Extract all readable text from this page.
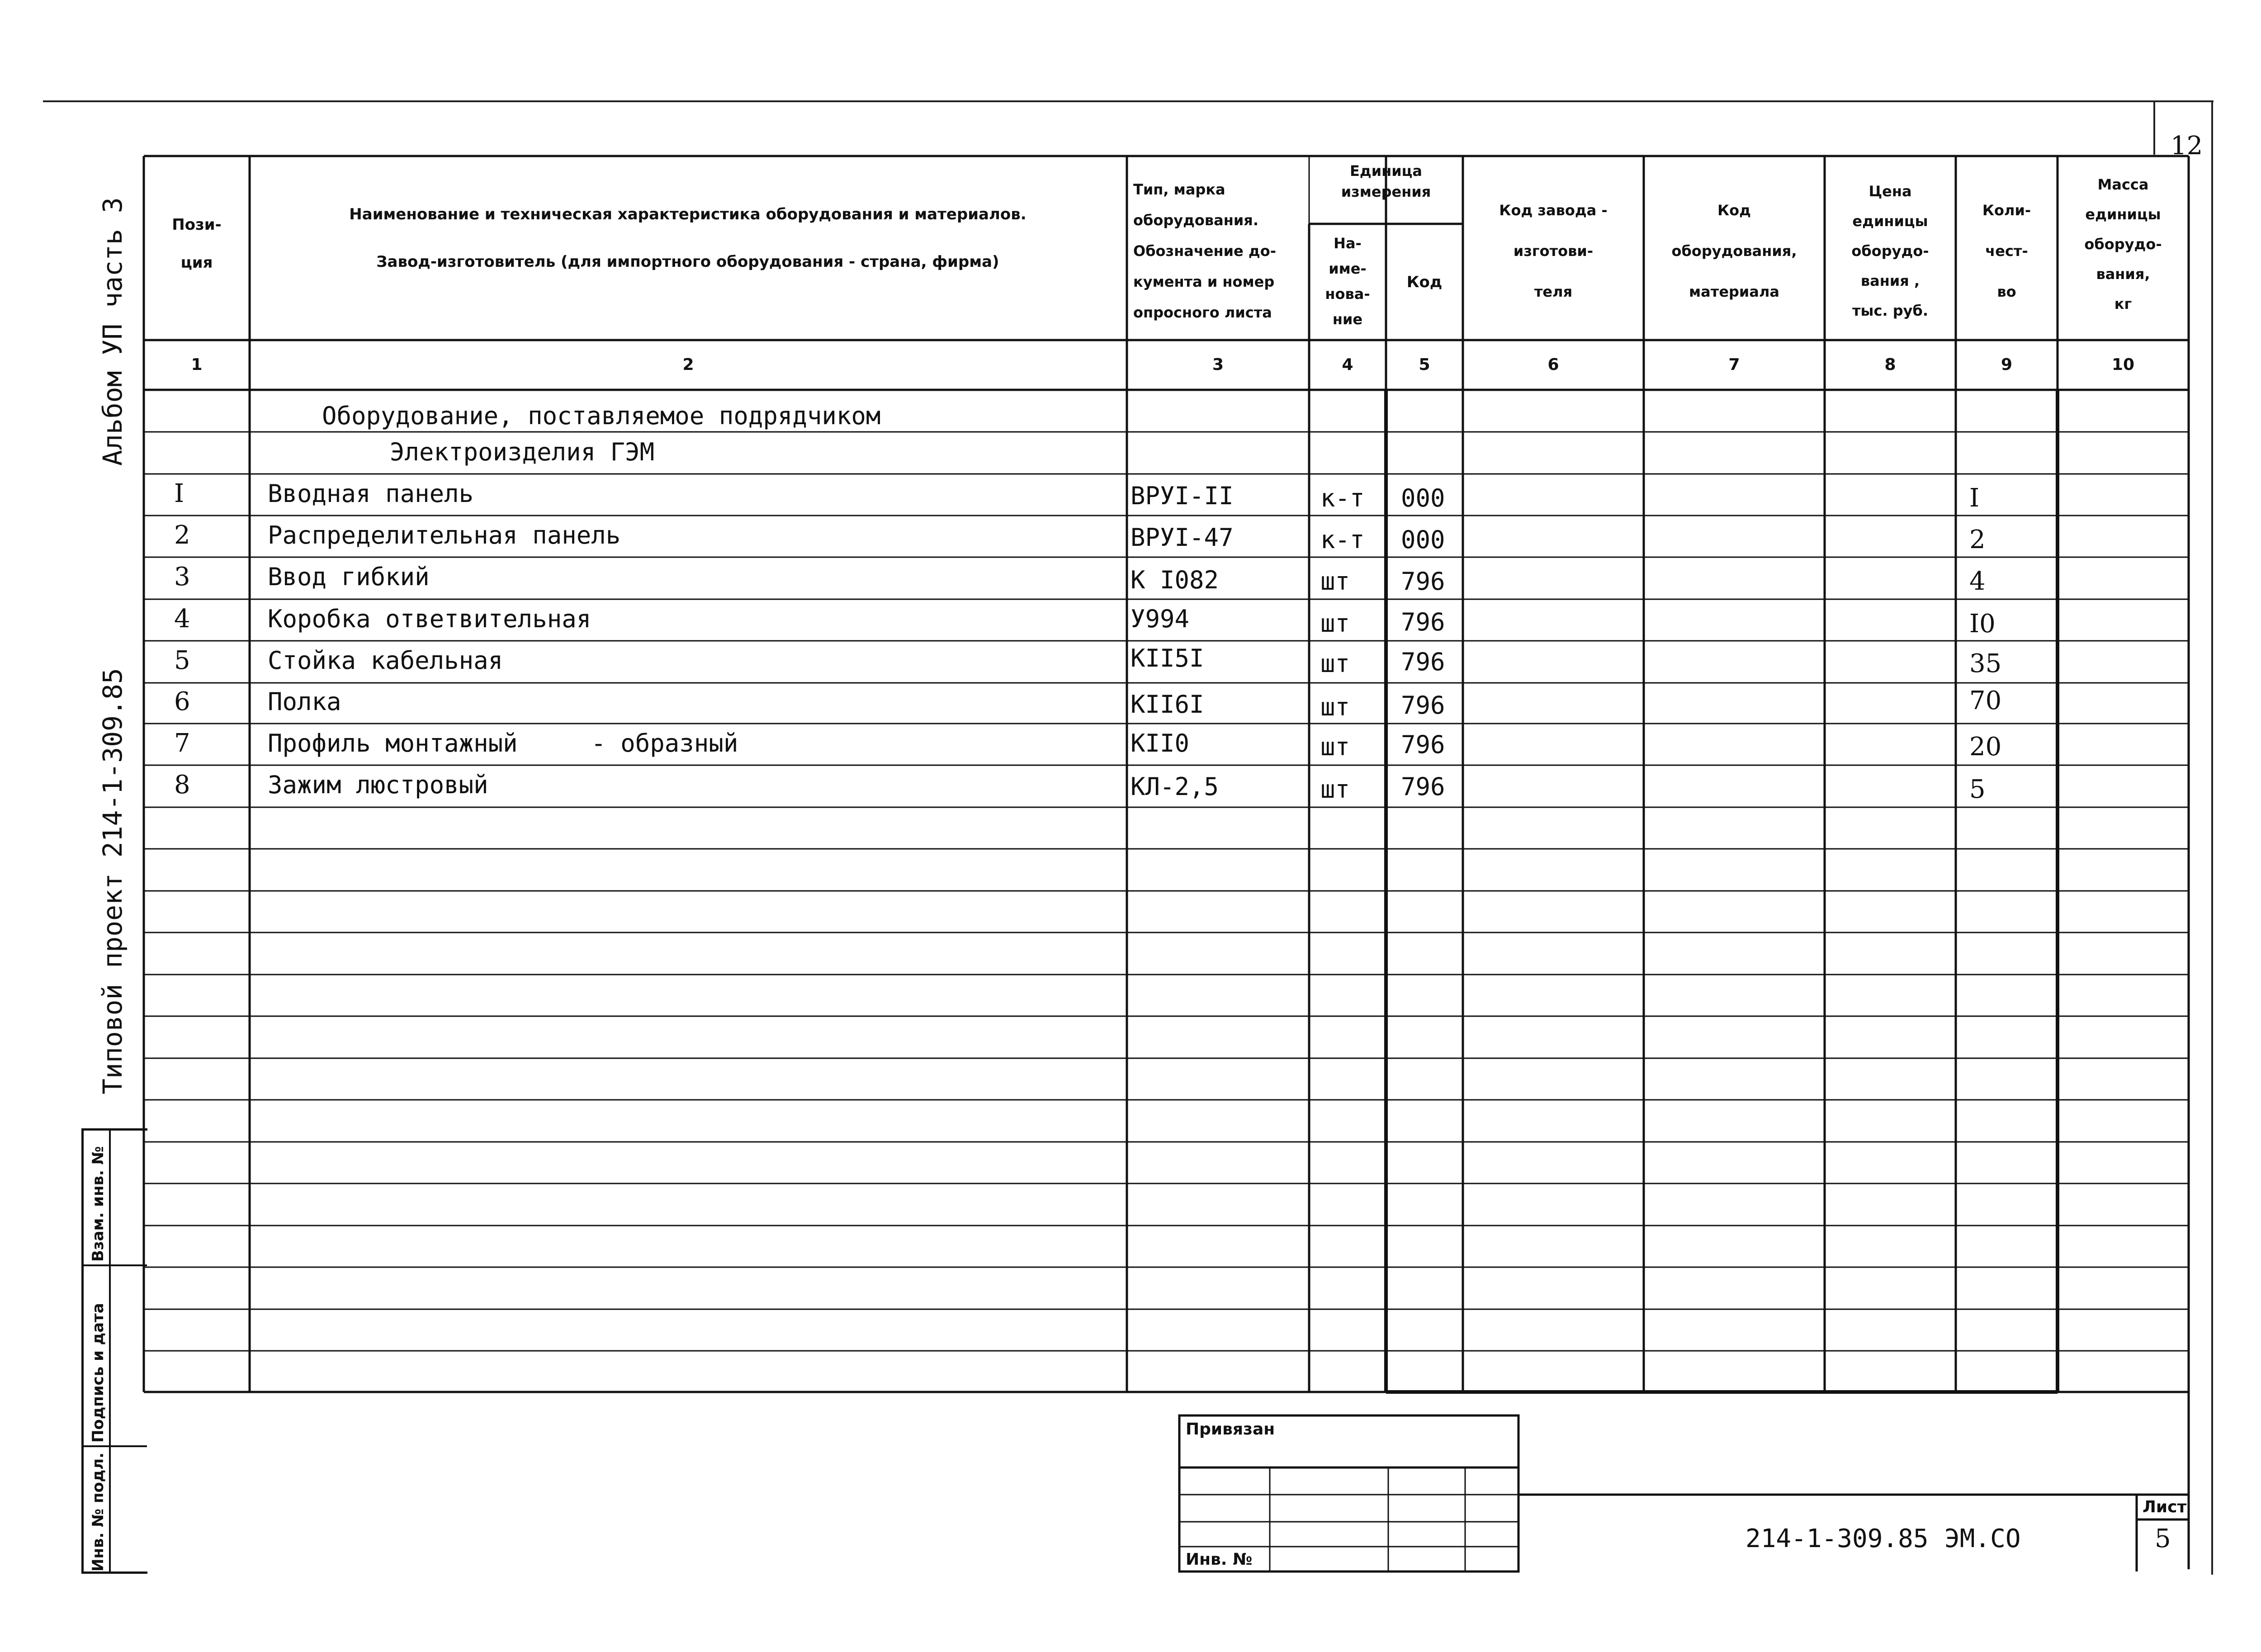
12
Альбом УП часть 3
Типовой проект 214-1-309.85
Взам. инв. №
Подпись и дата
Инв. № подл.
Пози-
ция
Наименование и техническая характеристика оборудования и материалов.
Завод-изготовитель (для импортного оборудования - страна, фирма)
Тип, марка
оборудования.
Обозначение до-
кумента и номер
опросного листа
Единица
измерения
На-
име-
нова-
ние
Код
Код завода -
изготови-
теля
Код
оборудования,
материала
Цена
единицы
оборудо-
вания ,
тыс. руб.
Коли-
чест-
во
Масса
единицы
оборудо-
вания,
кг
1	2	3	4	5	6	7	8	9	10
Оборудование, поставляемое подрядчиком
Электроизделия ГЭМ
I	Вводная панель	ВРУI-II	к-т 000	I
2	Распределительная панель	ВРУI-47	к-т 000	2
3	Ввод гибкий	К I082	шт 796	4
4	Коробка ответвительная	У994	шт 796	I0
5	Стойка кабельная	КII5I	шт 796	35
6	Полка	КII6I	шт 796	70
7	Профиль монтажный     - образный	КII0	шт 796	20
8	Зажим люстровый	КЛ-2,5	шт 796	5
Привязан
Инв. №
Лист
5
214-1-309.85 ЭМ.СО
